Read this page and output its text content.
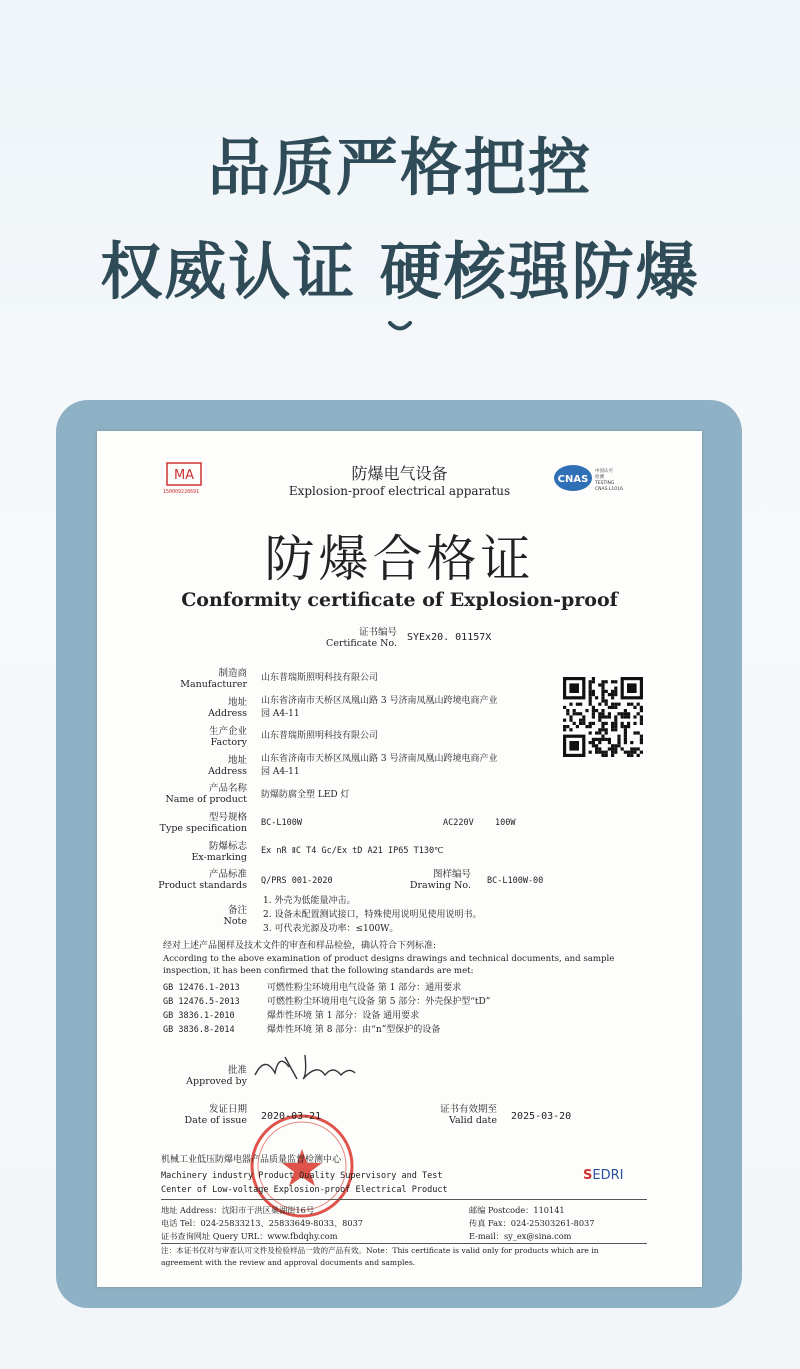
品质严格把控
权威认证 硬核强防爆
MA
150009220691
CNAS
中国认可
检测
TESTING
CNAS L1016
防爆电气设备
Explosion-proof electrical apparatus
防爆合格证
Conformity certificate of Explosion-proof
证书编号
Certificate No.
SYEx20. 01157X
制造商
Manufacturer
山东普瑞斯照明科技有限公司
地址
Address
山东省济南市天桥区凤凰山路 3 号济南凤凰山跨境电商产业
园 A4-11
生产企业
Factory
山东普瑞斯照明科技有限公司
地址
Address
山东省济南市天桥区凤凰山路 3 号济南凤凰山跨境电商产业
园 A4-11
产品名称
Name of product 防爆防腐全塑 LED 灯
型号规格
Type specification BC-L100W	AC220V	100W
防爆标志
Ex-marking
Ex nR ⅡC T4 Gc/Ex tD A21 IP65 T130℃
产品标准
Product standards Q/PRS 001-2020
图样编号
Drawing No. BC-L100W-00
备注
Note
1. 外壳为低能量冲击。
2. 设备未配置测试接口，特殊使用说明见使用说明书。
3. 可代表光源及功率：≤100W。
经对上述产品图样及技术文件的审查和样品检验，确认符合下列标准:
According to the above examination of product designs drawings and technical documents, and sample
inspection, it has been confirmed that the following standards are met:
GB 12476.1-2013	可燃性粉尘环境用电气设备 第 1 部分：通用要求
GB 12476.5-2013	可燃性粉尘环境用电气设备 第 5 部分：外壳保护型“tD”
GB 3836.1-2010	爆炸性环境 第 1 部分：设备 通用要求
GB 3836.8-2014	爆炸性环境 第 8 部分：由“n”型保护的设备
批准
Approved by
发证日期
Date of issue 2020-03-21
证书有效期至
Valid date 2025-03-20
机械工业低压防爆电器产品质量监督检测中心
Machinery industry Product Quality Supervisory and Test
Center of Low-voltage Explosion-proof Electrical Product
SEDRI
地址 Address：沈阳市于洪区巢湖街16号	邮编 Postcode：110141
电话 Tel：024-25833213、25833649-8033、8037	传真 Fax：024-25303261-8037
证书查询网址 Query URL：www.fbdqhy.com	E-mail：sy_ex@sina.com
注：本证书仅对与审查认可文件及检验样品一致的产品有效。Note：This certificate is valid only for products which are in
agreement with the review and approval documents and samples.
